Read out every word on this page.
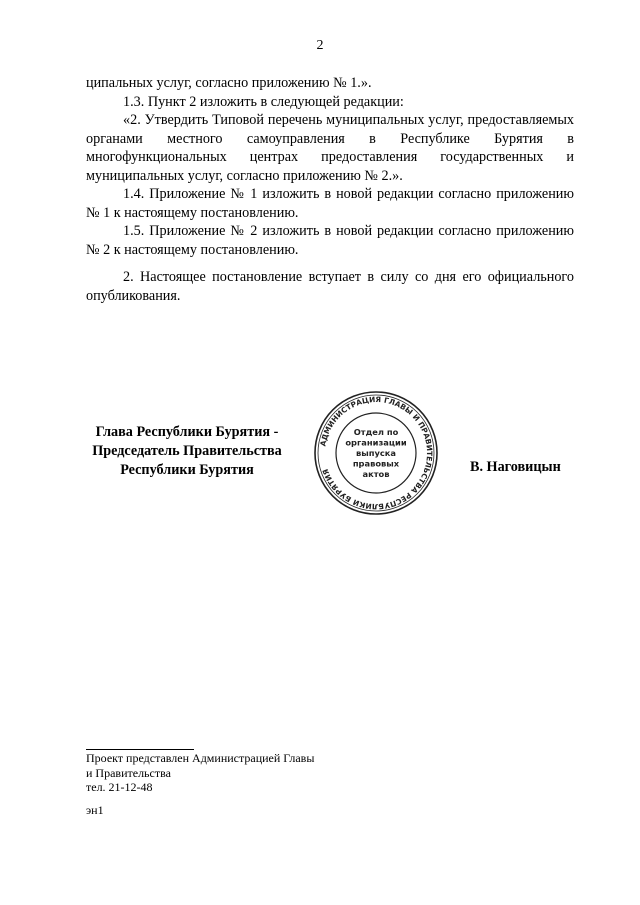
2

ципальных услуг, согласно приложению № 1.».

1.3. Пункт 2 изложить в следующей редакции:

«2. Утвердить Типовой перечень муниципальных услуг, предоставляемых органами местного самоуправления в Республике Бурятия в многофункциональных центрах предоставления государственных и муниципальных услуг, согласно приложению № 2.».

1.4. Приложение № 1 изложить в новой редакции согласно приложению № 1 к настоящему постановлению.

1.5. Приложение № 2 изложить в новой редакции согласно приложению № 2 к настоящему постановлению.

2. Настоящее постановление вступает в силу со дня его официального опубликования.

Глава Республики Бурятия -
Председатель Правительства
Республики Бурятия
АДМИНИСТРАЦИЯ ГЛАВЫ И ПРАВИТЕЛЬСТВА РЕСПУБЛИКИ БУРЯТИЯ
Отдел по организации выпуска правовых актов	В. Наговицын
Проект представлен Администрацией Главы
и Правительства
тел. 21-12-48
эн1
